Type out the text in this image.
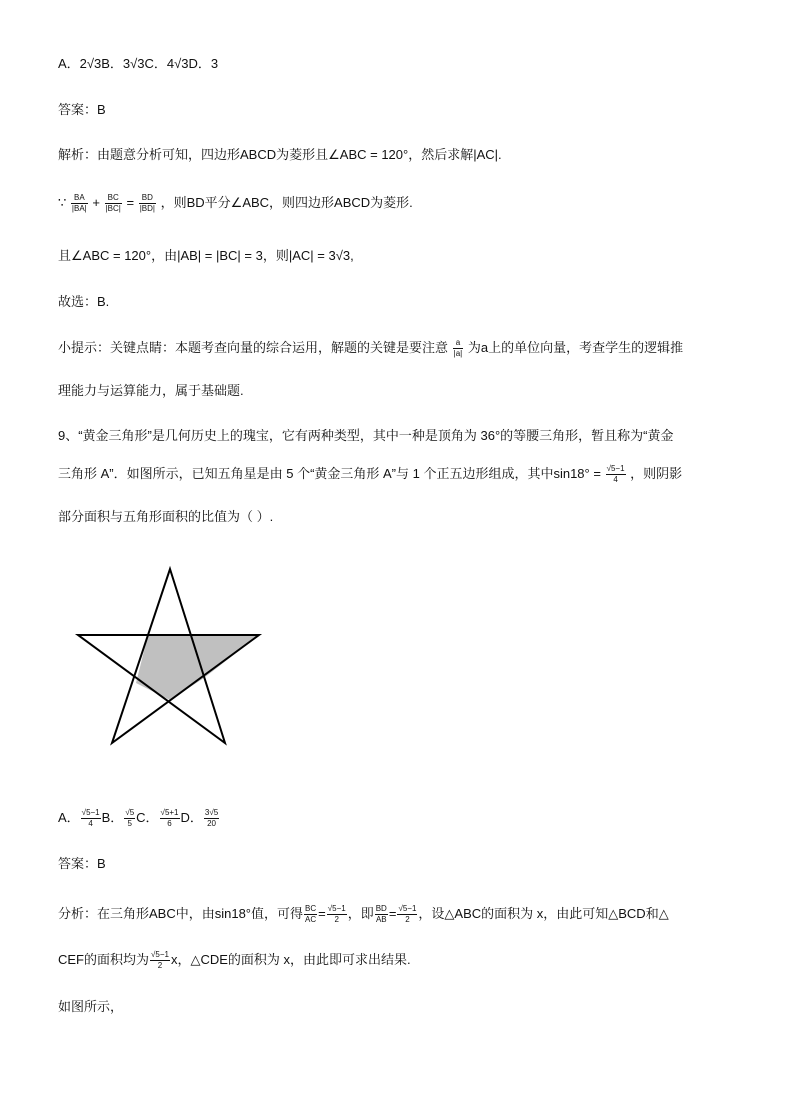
A．2√3B．3√3C．4√3D．3
答案：B
解析：由题意分析可知，四边形ABCD为菱形且∠ABC = 120°，然后求解|AC|.
∵ $\frac{BA}{|BA|} + \frac{BC}{|BC|} = \frac{BD}{|BD|}$ ，则BD平分∠ABC，则四边形ABCD为菱形.
且∠ABC = 120°，由|AB| = |BC| = 3，则|AC| = 3√3,
故选：B.
小提示：关键点睛：本题考查向量的综合运用，解题的关键是要注意 $\frac{a}{|a|}$ 为a上的单位向量，考查学生的逻辑推
理能力与运算能力，属于基础题.
9、“黄金三角形”是几何历史上的瑰宝，它有两种类型，其中一种是顶角为 36°的等腰三角形，暂且称为“黄金
三角形 A”．如图所示，已知五角星是由 5 个“黄金三角形 A”与 1 个正五边形组成，其中$\sin 18^\circ = \frac{√5-1}{4}$ ，则阴影
部分面积与五角形面积的比值为（ ）.
A． $\frac{√5-1}{4}$ B． $\frac{√5}{5}$ C． $\frac{√5+1}{6}$ D． $\frac{3√5}{20}$
答案：B
分析：在三角形ABC中，由sin18°值，可得 $\frac{BC}{AC} = \frac{√5-1}{2}$ ，即 $\frac{BD}{AB} = \frac{√5-1}{2}$ ，设△ABC的面积为 x，由此可知△BCD和△
CEF的面积均为 $\frac{√5-1}{2}$ x，△CDE的面积为 x，由此即可求出结果.
如图所示，
